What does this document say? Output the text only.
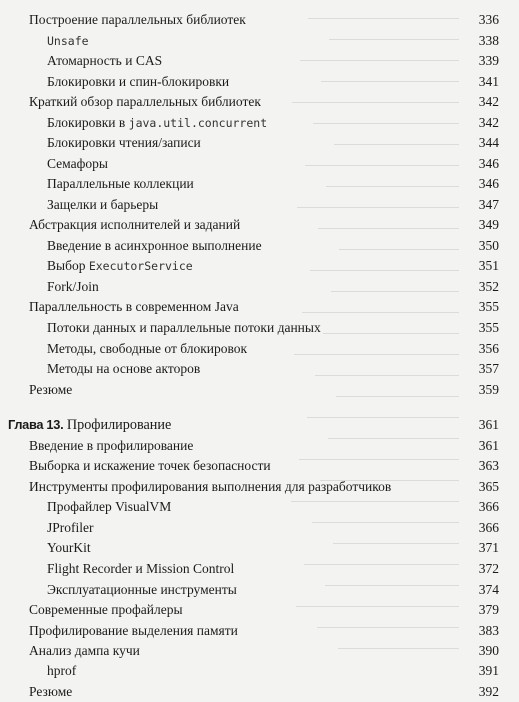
Построение параллельных библиотек	336
Unsafe	338
Атомарность и CAS	339
Блокировки и спин-блокировки	341
Краткий обзор параллельных библиотек	342
Блокировки в java.util.concurrent	342
Блокировки чтения/записи	344
Семафоры	346
Параллельные коллекции	346
Защелки и барьеры	347
Абстракция исполнителей и заданий	349
Введение в асинхронное выполнение	350
Выбор ExecutorService	351
Fork/Join	352
Параллельность в современном Java	355
Потоки данных и параллельные потоки данных	355
Методы, свободные от блокировок	356
Методы на основе акторов	357
Резюме	359
Глава 13. Профилирование	361
Введение в профилирование	361
Выборка и искажение точек безопасности	363
Инструменты профилирования выполнения для разработчиков	365
Профайлер VisualVM	366
JProfiler	366
YourKit	371
Flight Recorder и Mission Control	372
Эксплуатационные инструменты	374
Современные профайлеры	379
Профилирование выделения памяти	383
Анализ дампа кучи	390
hprof	391
Резюме	392
